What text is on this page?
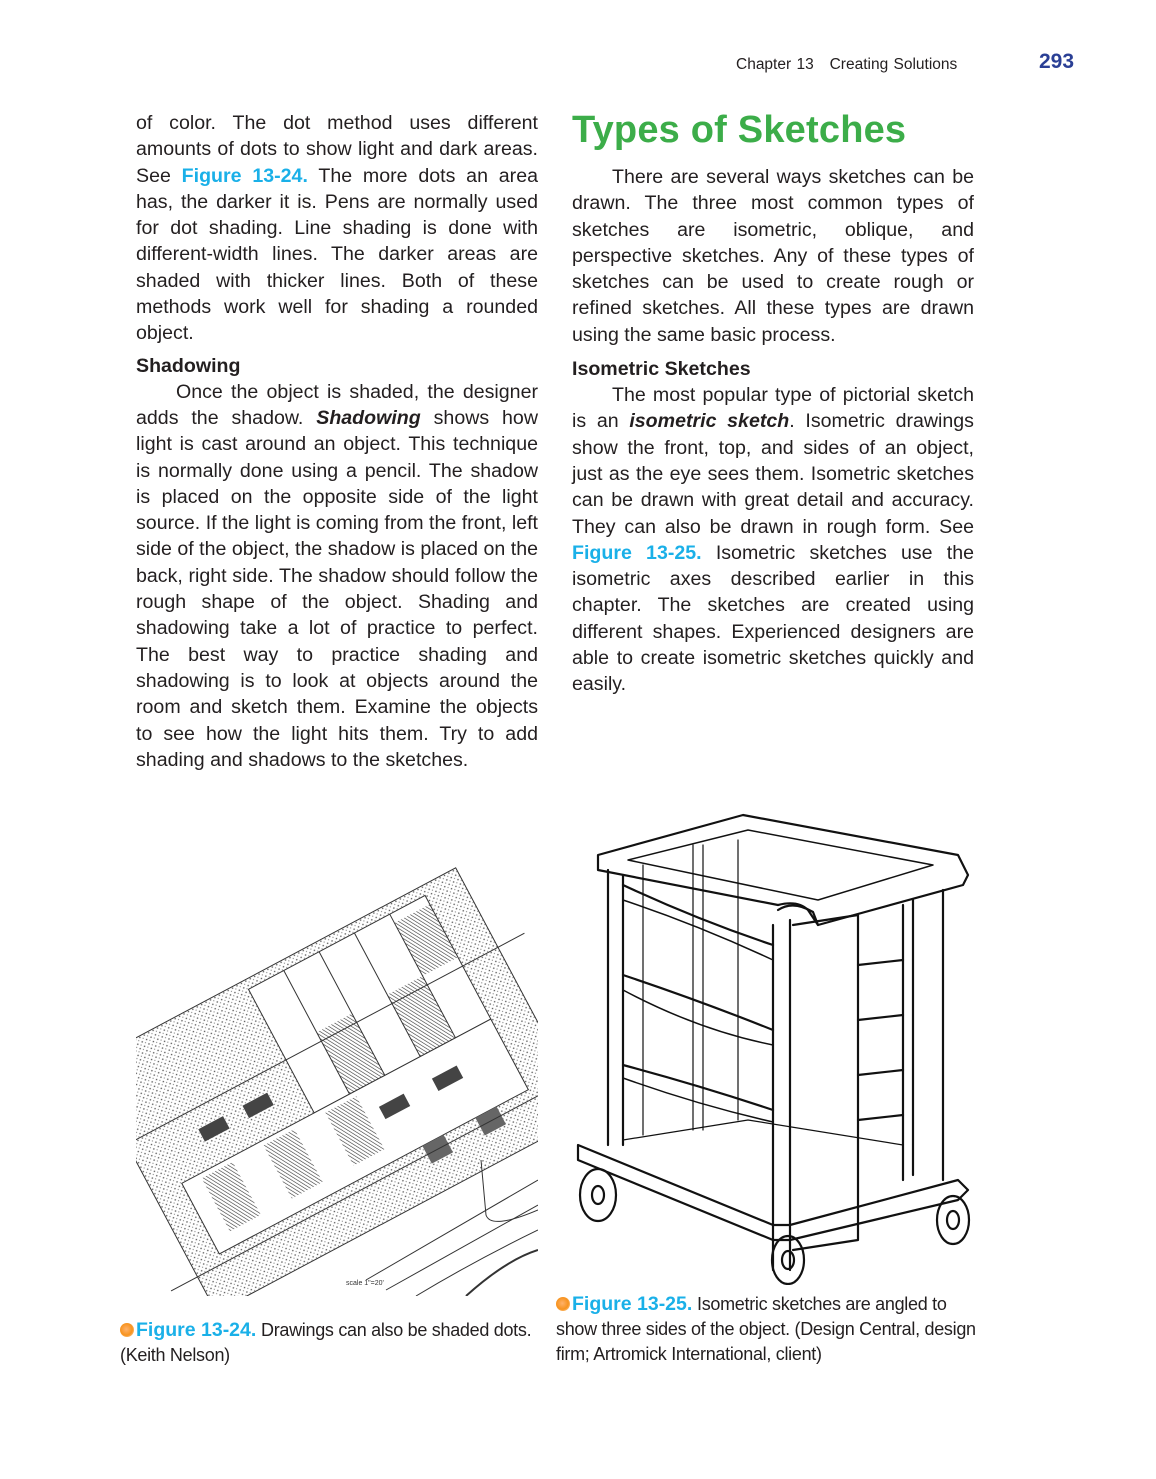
Chapter 13   Creating Solutions	293

of color. The dot method uses different amounts of dots to show light and dark areas. See Figure 13-24. The more dots an area has, the darker it is. Pens are normally used for dot shading. Line shading is done with different-width lines. The darker areas are shaded with thicker lines. Both of these methods work well for shading a rounded object.

Shadowing

Once the object is shaded, the designer adds the shadow. Shadowing shows how light is cast around an object. This technique is normally done using a pencil. The shadow is placed on the opposite side of the light source. If the light is coming from the front, left side of the object, the shadow is placed on the back, right side. The shadow should follow the rough shape of the object. Shading and shadowing take a lot of practice to perfect. The best way to practice shading and shadowing is to look at objects around the room and sketch them. Examine the objects to see how the light hits them. Try to add shading and shadows to the sketches.

Types of Sketches

There are several ways sketches can be drawn. The three most common types of sketches are isometric, oblique, and perspective sketches. Any of these types of sketches can be used to create rough or refined sketches. All these types are drawn using the same basic process.

Isometric Sketches

The most popular type of pictorial sketch is an isometric sketch. Isometric drawings show the front, top, and sides of an object, just as the eye sees them. Isometric sketches can be drawn with great detail and accuracy. They can also be drawn in rough form. See Figure 13-25. Isometric sketches use the isometric axes described earlier in this chapter. The sketches are created using different shapes. Experienced designers are able to create isometric sketches quickly and easily.

scale 1"=20'
Figure 13-24. Drawings can also be shaded dots. (Keith Nelson)
Figure 13-25. Isometric sketches are angled to show three sides of the object. (Design Central, design firm; Artromick International, client)
